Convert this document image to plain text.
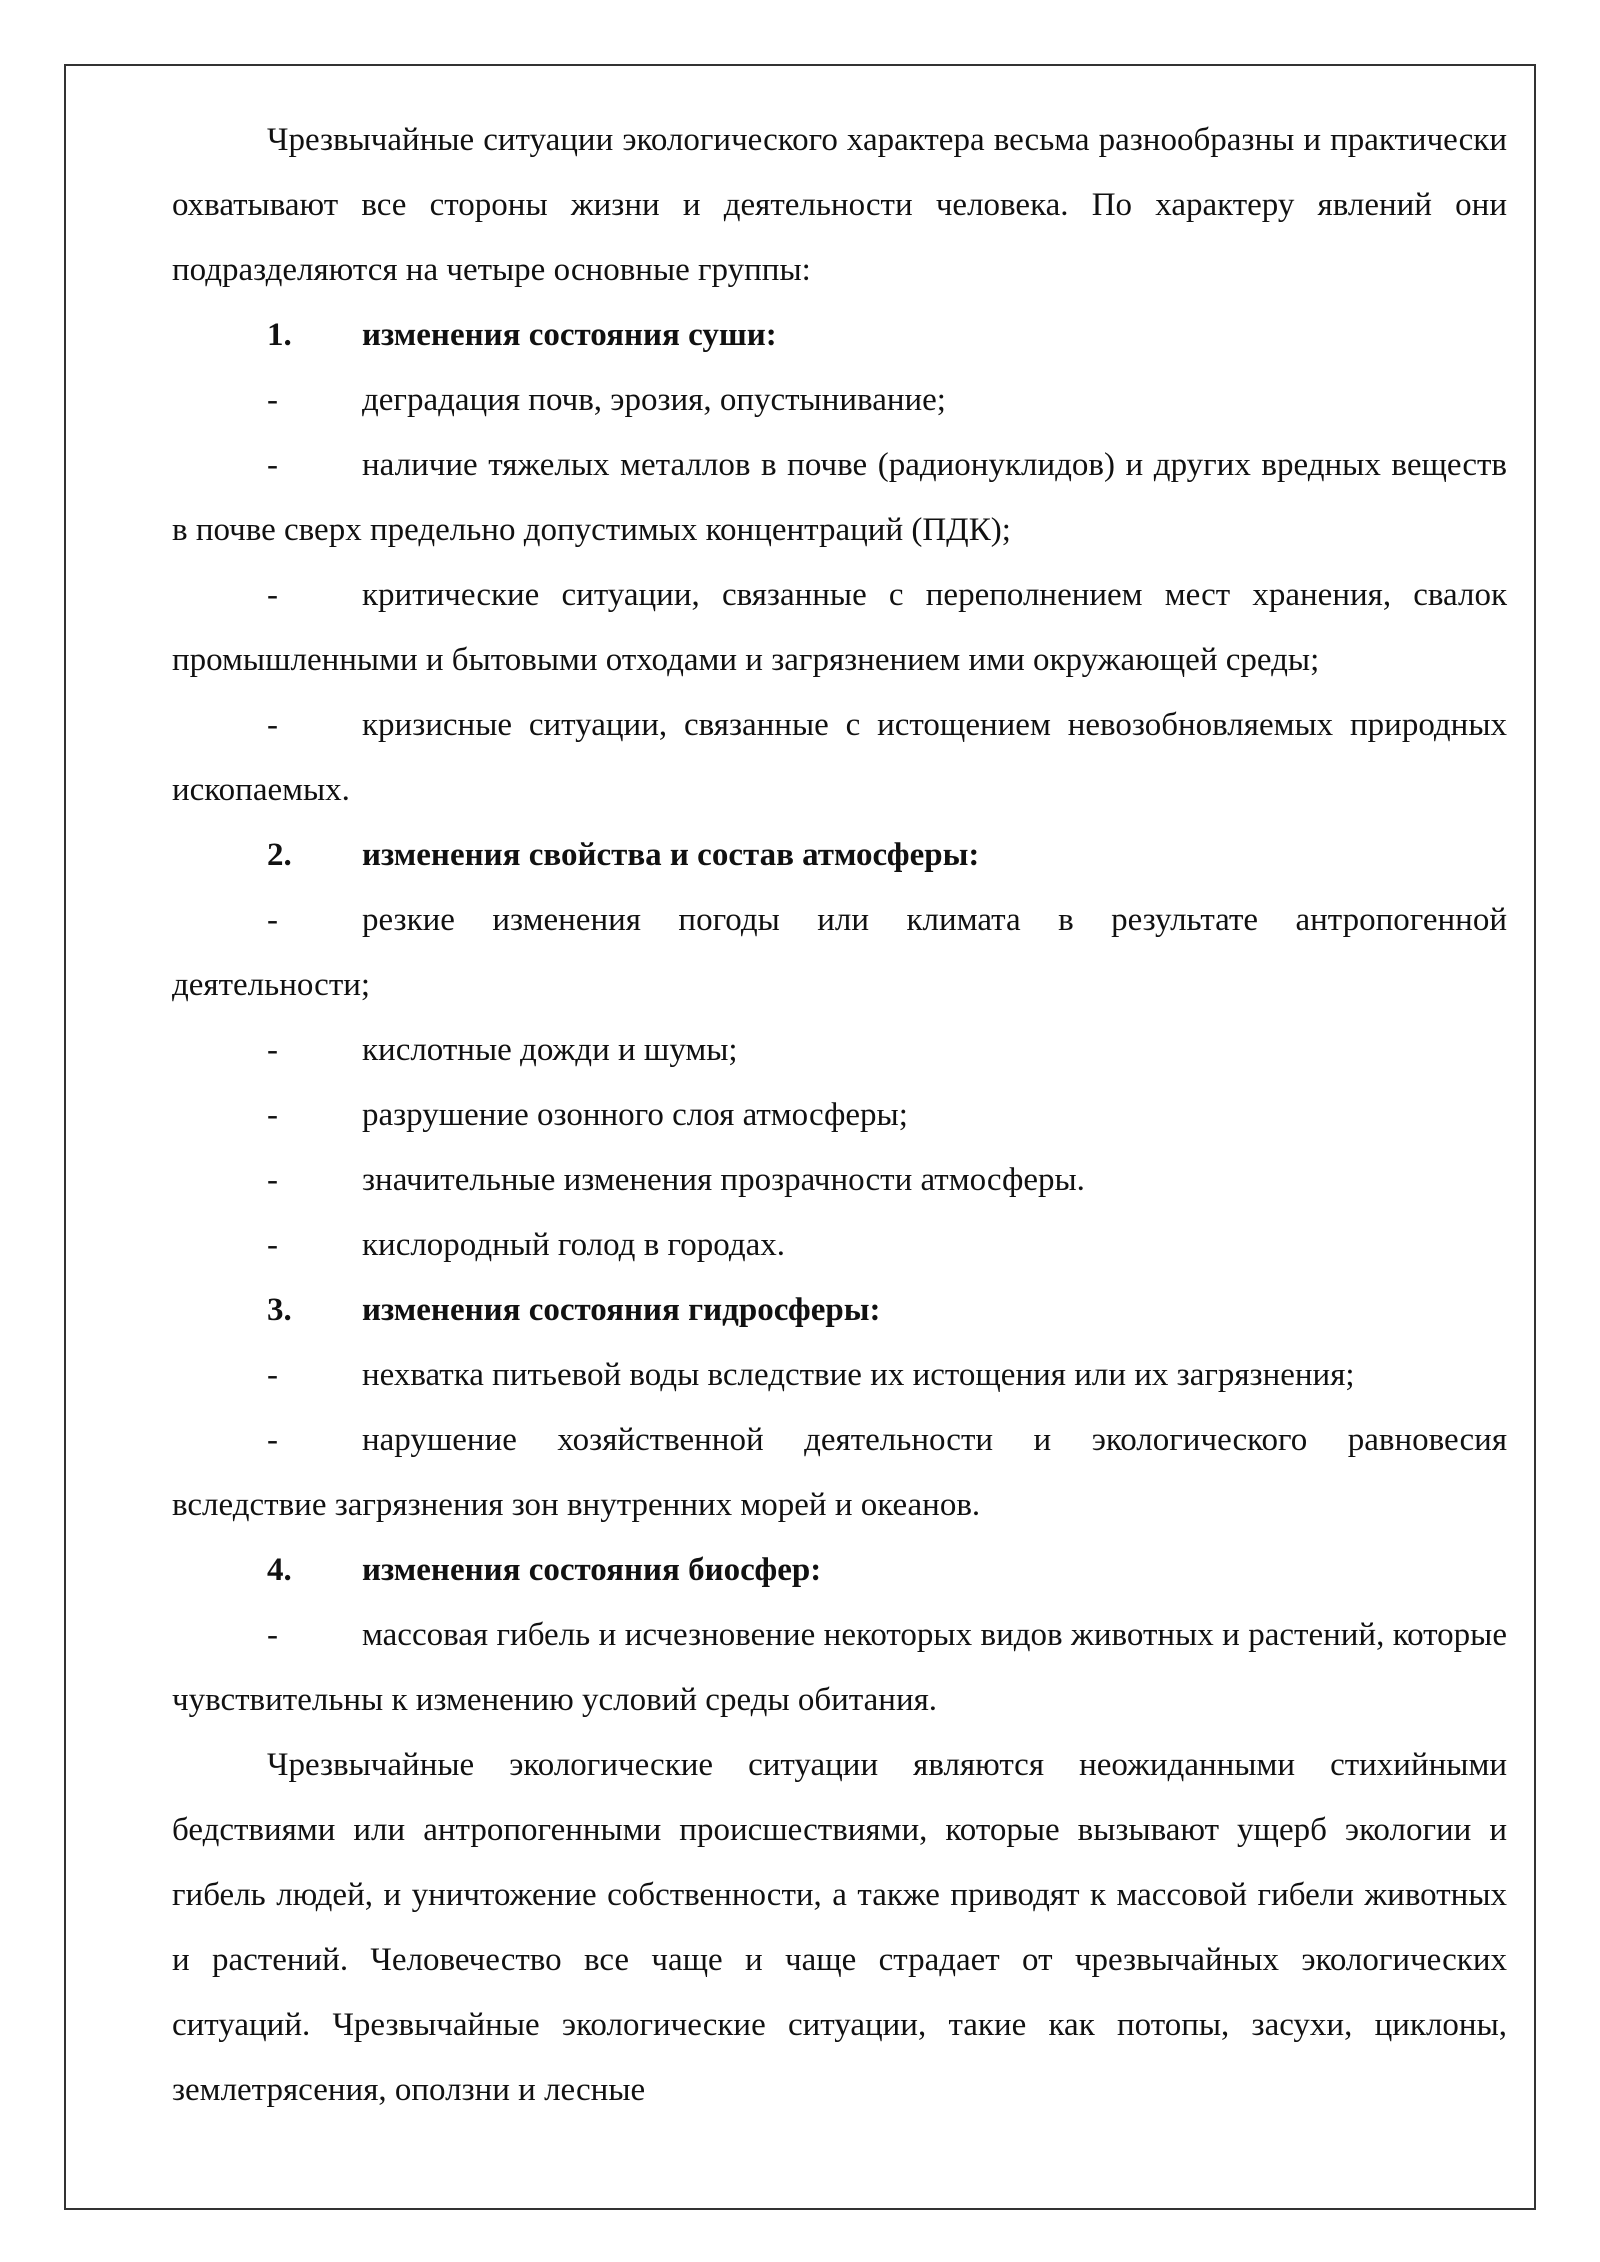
Чрезвычайные ситуации экологического характера весьма разнообразны и практически охватывают все стороны жизни и деятельности человека. По характеру явлений они подразделяются на четыре основные группы:

1. изменения состояния суши:

-	деградация почв, эрозия, опустынивание;

-	наличие тяжелых металлов в почве (радионуклидов) и других вредных веществ в почве сверх предельно допустимых концентраций (ПДК);

-	критические ситуации, связанные с переполнением мест хранения, свалок промышленными и бытовыми отходами и загрязнением ими окружающей среды;

-	кризисные ситуации, связанные с истощением невозобновляемых природных ископаемых.

2. изменения свойства и состав атмосферы:

-	резкие изменения погоды или климата в результате антропогенной деятельности;

-	кислотные дожди и шумы;

-	разрушение озонного слоя атмосферы;

-	значительные изменения прозрачности атмосферы.

-	кислородный голод в городах.

3. изменения состояния гидросферы:

-	нехватка питьевой воды вследствие их истощения или их загрязнения;

-	нарушение хозяйственной деятельности и экологического равновесия вследствие загрязнения зон внутренних морей и океанов.

4. изменения состояния биосфер:

-	массовая гибель и исчезновение некоторых видов животных и растений, которые чувствительны к изменению условий среды обитания.

Чрезвычайные экологические ситуации являются неожиданными стихийными бедствиями или антропогенными происшествиями, которые вызывают ущерб экологии и гибель людей, и уничтожение собственности, а также приводят к массовой гибели животных и растений. Человечество все чаще и чаще страдает от чрезвычайных экологических ситуаций. Чрезвычайные экологические ситуации, такие как потопы, засухи, циклоны, землетрясения, оползни и лесные
